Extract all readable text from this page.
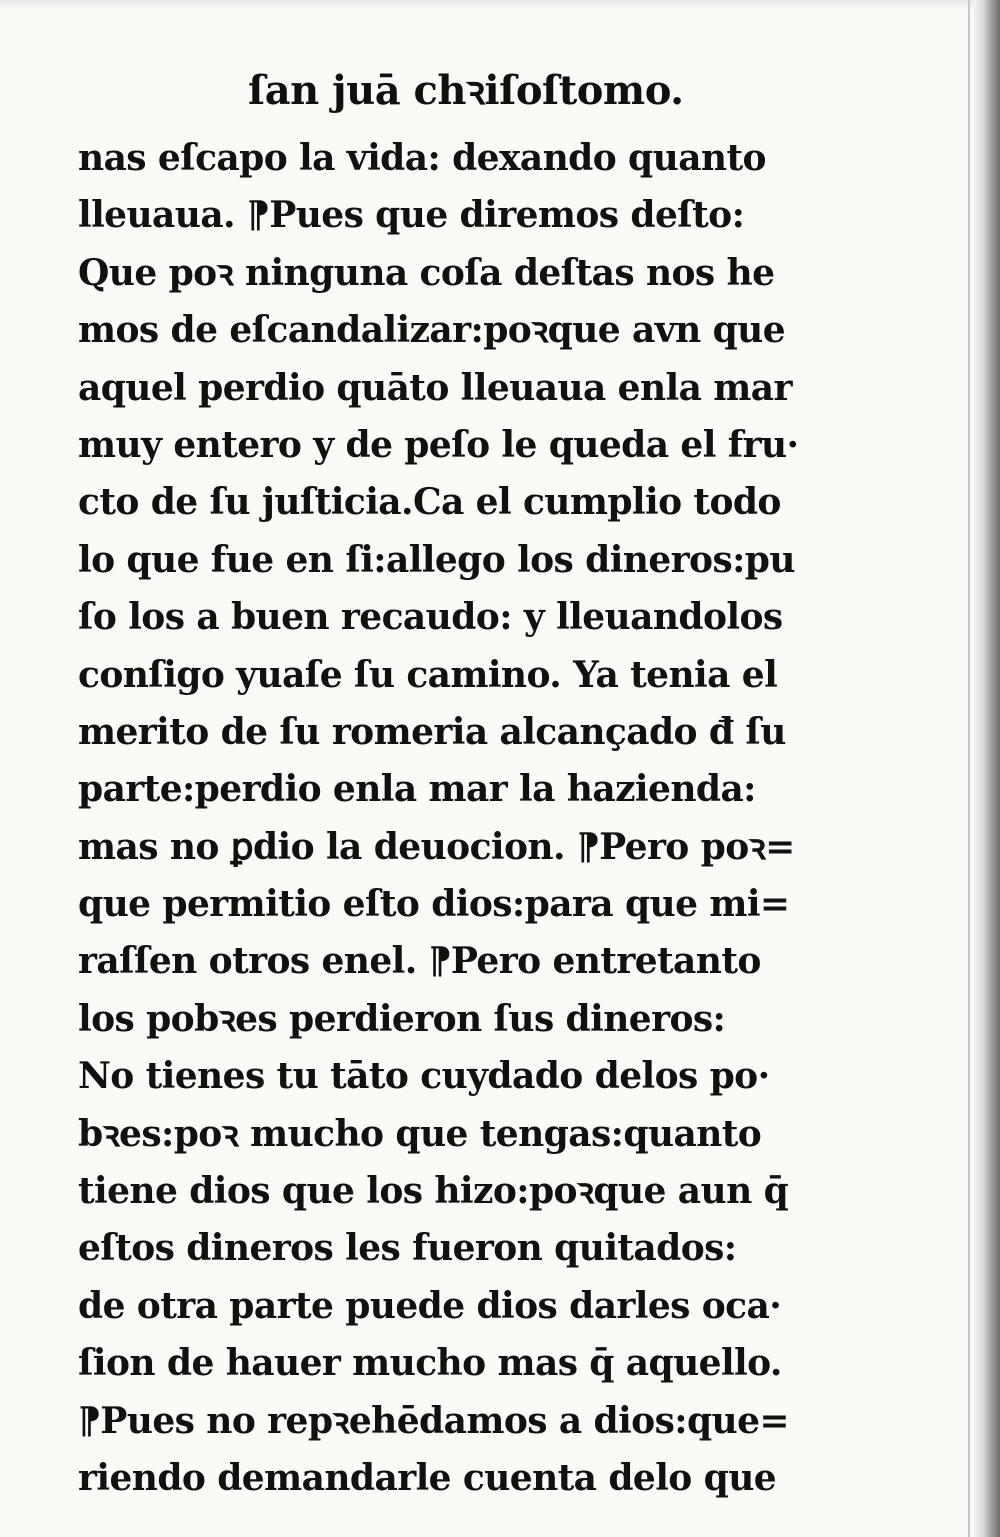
ſan juā chꝛiſoſtomo.
nas eſcapo la vida: dexando quanto
lleuaua. ⁋Pues que diremos deſto:
Que poꝛ ninguna coſa deſtas nos he
mos de eſcandalizar:poꝛque avn que
aquel perdio quāto lleuaua enla mar
muy entero y de peſo le queda el fru·
cto de ſu juſticia.Ca el cumplio todo
lo que fue en ſi:allego los dineros:pu
ſo los a buen recaudo: y lleuandolos
conſigo yuaſe ſu camino. Ya tenia el
merito de ſu romeria alcançado đ ſu
parte:perdio enla mar la hazienda:
mas no ꝑdio la deuocion. ⁋Pero poꝛ=
que permitio eſto dios:para que mi=
raſſen otros enel. ⁋Pero entretanto
los pobꝛes perdieron ſus dineros:
No tienes tu tāto cuydado delos po·
bꝛes:poꝛ mucho que tengas:quanto
tiene dios que los hizo:poꝛque aun q̄
eſtos dineros les fueron quitados:
de otra parte puede dios darles oca·
ſion de hauer mucho mas q̄ aquello.
⁋Pues no repꝛehēdamos a dios:que=
riendo demandarle cuenta delo que
